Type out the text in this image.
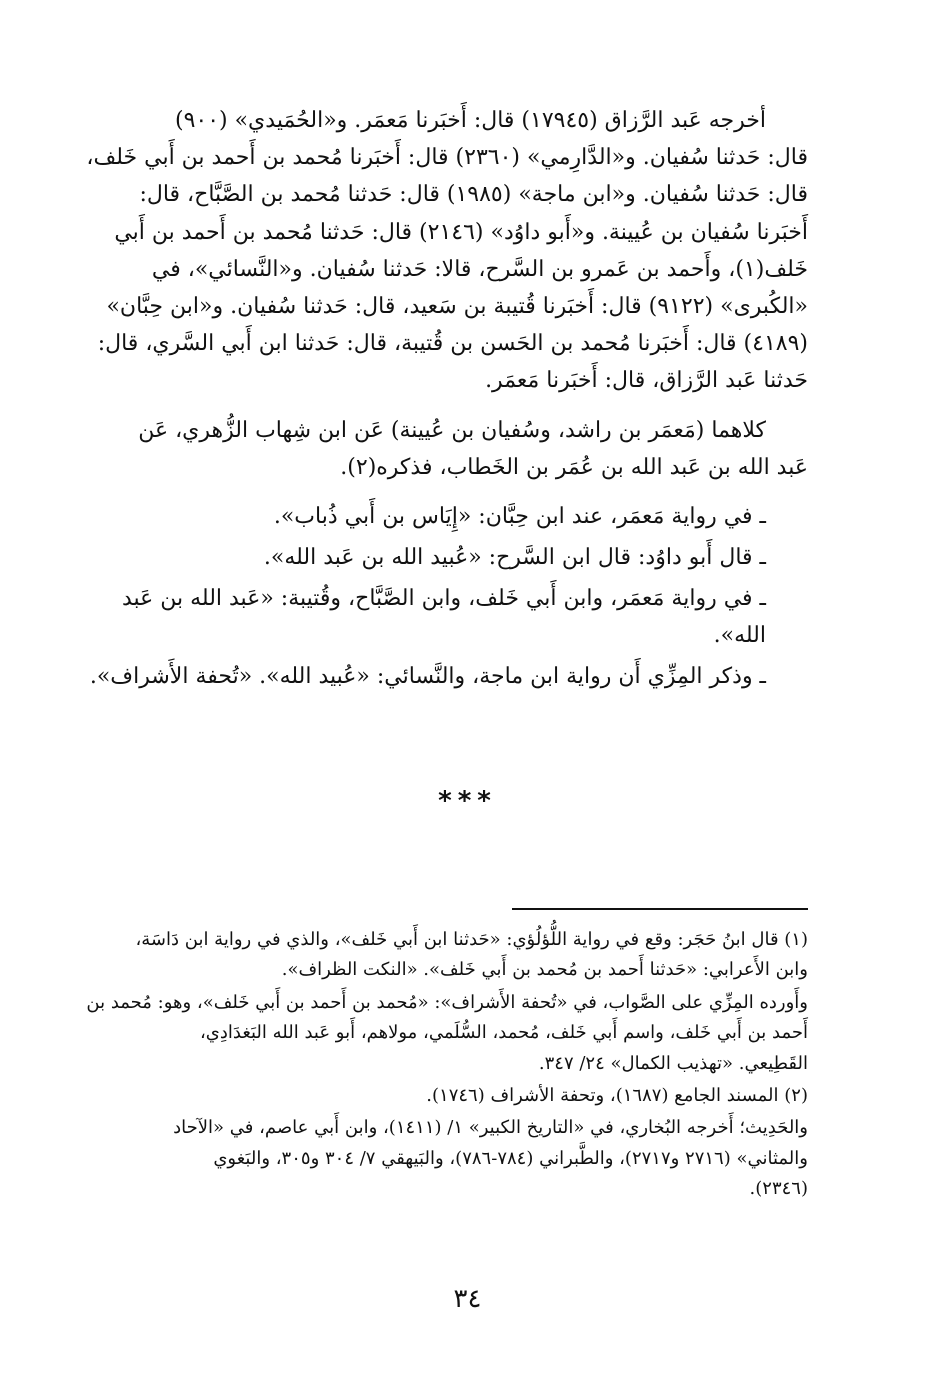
أخرجه عَبد الرَّزاق (١٧٩٤٥) قال: أَخبَرنا مَعمَر. و«الحُمَيدي» (٩٠٠)
قال: حَدثنا سُفيان. و«الدَّارِمي» (٢٣٦٠) قال: أَخبَرنا مُحمد بن أَحمد بن أَبي خَلف،
قال: حَدثنا سُفيان. و«ابن ماجة» (١٩٨٥) قال: حَدثنا مُحمد بن الصَّبَّاح، قال:
أَخبَرنا سُفيان بن عُيينة. و«أَبو داوُد» (٢١٤٦) قال: حَدثنا مُحمد بن أَحمد بن أَبي
خَلف(١)، وأَحمد بن عَمرو بن السَّرح، قالا: حَدثنا سُفيان. و«النَّسائي»، في
«الكُبرى» (٩١٢٢) قال: أَخبَرنا قُتيبة بن سَعيد، قال: حَدثنا سُفيان. و«ابن حِبَّان»
(٤١٨٩) قال: أَخبَرنا مُحمد بن الحَسن بن قُتيبة، قال: حَدثنا ابن أَبي السَّري، قال:
حَدثنا عَبد الرَّزاق، قال: أَخبَرنا مَعمَر.

كلاهما (مَعمَر بن راشد، وسُفيان بن عُيينة) عَن ابن شِهاب الزُّهري، عَن
عَبد الله بن عَبد الله بن عُمَر بن الخَطاب، فذكره(٢).

ـ في رواية مَعمَر، عند ابن حِبَّان: «إِيَاس بن أَبي ذُباب».
ـ قال أَبو داوُد: قال ابن السَّرح: «عُبيد الله بن عَبد الله».
ـ في رواية مَعمَر، وابن أَبي خَلف، وابن الصَّبَّاح، وقُتيبة: «عَبد الله بن عَبد الله».
ـ وذكر المِزِّي أَن رواية ابن ماجة، والنَّسائي: «عُبيد الله». «تُحفة الأَشراف».
***

(١) قال ابنُ حَجَر: وقع في رواية اللُّؤلُؤي: «حَدثنا ابن أَبي خَلف»، والذي في رواية ابن دَاسَة،
وابن الأَعرابي: «حَدثنا أَحمد بن مُحمد بن أَبي خَلف». «النكت الظراف».

وأَورده المِزِّي على الصَّواب، في «تُحفة الأَشراف»: «مُحمد بن أَحمد بن أَبي خَلف»، وهو: مُحمد بن
أَحمد بن أَبي خَلف، واسم أَبي خَلف، مُحمد، السُّلَمي، مولاهم، أَبو عَبد الله البَغدَادِي،
القَطِيعي. «تهذيب الكمال» ٢٤/ ٣٤٧.

(٢) المسند الجامع (١٦٨٧)، وتحفة الأشراف (١٧٤٦).

والحَدِيث؛ أَخرجه البُخاري، في «التاريخ الكبير» ١/ (١٤١١)، وابن أَبي عاصم، في «الآحاد
والمثاني» (٢٧١٦ و٢٧١٧)، والطَّبراني (٧٨٤-٧٨٦)، والبَيهقي ٧/ ٣٠٤ و٣٠٥، والبَغوي
(٢٣٤٦).

٣٤
